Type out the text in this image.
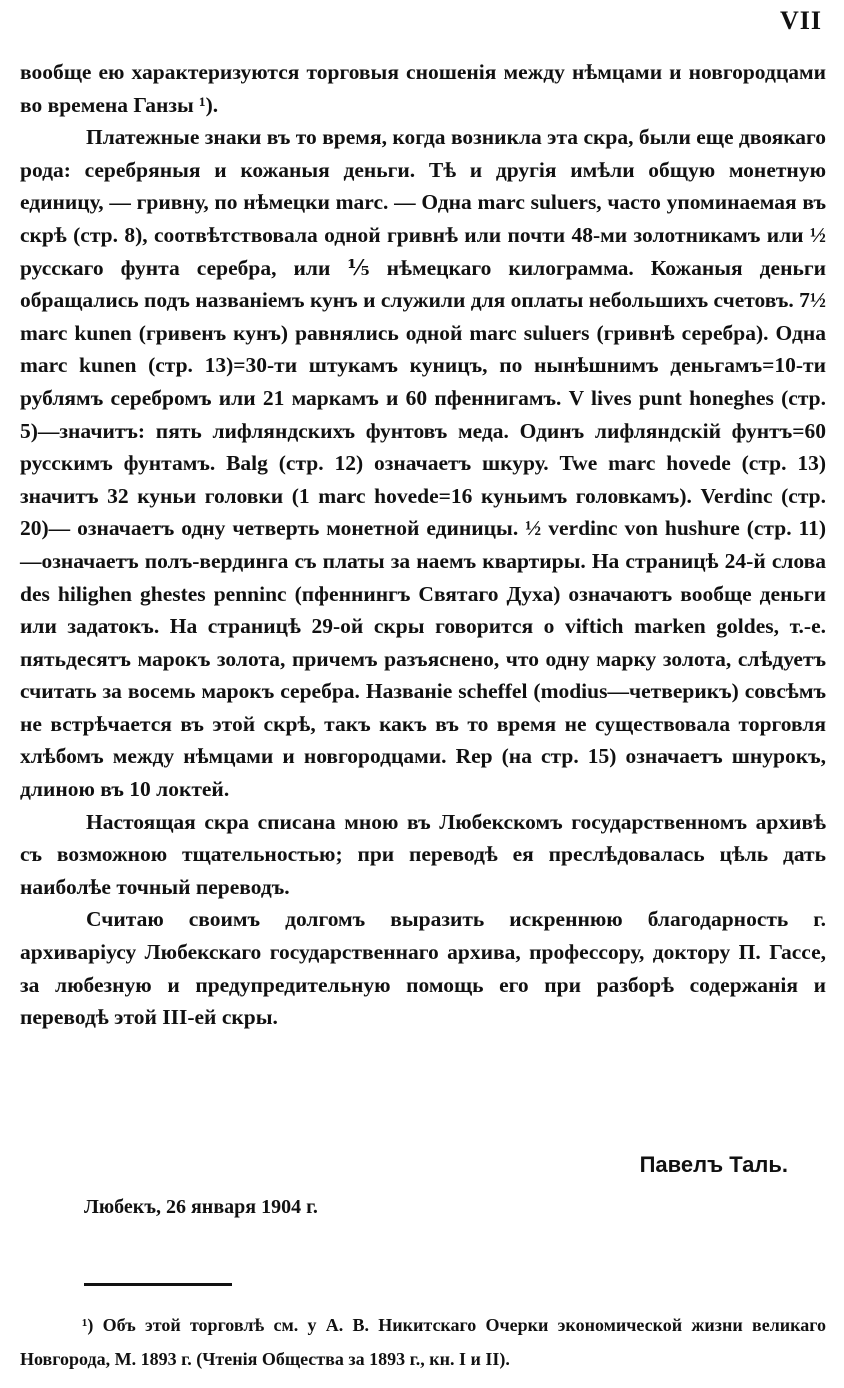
VII

вообще ею характеризуются торговыя сношенія между нѣмцами и новгородцами во времена Ганзы ¹).

Платежные знаки въ то время, когда возникла эта скра, были еще двоякаго рода: серебряныя и кожаныя деньги. Тѣ и другія имѣли общую монетную единицу, — гривну, по нѣмецки marc. — Одна marc suluers, часто упоминаемая въ скрѣ (стр. 8), соотвѣтствовала одной гривнѣ или почти 48-ми золотникамъ или ½ русскаго фунта серебра, или ⅕ нѣмецкаго килограмма. Кожаныя деньги обращались подъ названіемъ кунъ и служили для оплаты небольшихъ счетовъ. 7½ marc kunen (гривенъ кунъ) равнялись одной marc suluers (гривнѣ серебра). Одна marc kunen (стр. 13)=30-ти штукамъ куницъ, по нынѣшнимъ деньгамъ=10-ти рублямъ серебромъ или 21 маркамъ и 60 пфеннигамъ. V lives punt honeghes (стр. 5)—значитъ: пять лифляндскихъ фунтовъ меда. Одинъ лифляндскій фунтъ=60 русскимъ фунтамъ. Balg (стр. 12) означаетъ шкуру. Twe marc hovede (стр. 13) значитъ 32 куньи головки (1 marc hovede=16 куньимъ головкамъ). Verdinc (стр. 20)— означаетъ одну четверть монетной единицы. ½ verdinc von hushure (стр. 11)—означаетъ полъ-вердинга съ платы за наемъ квартиры. На страницѣ 24-й слова des hilighen ghestes penninc (пфеннингъ Святаго Духа) означаютъ вообще деньги или задатокъ. На страницѣ 29-ой скры говорится о viftich marken goldes, т.-е. пятьдесятъ марокъ золота, причемъ разъяснено, что одну марку золота, слѣдуетъ считать за восемь марокъ серебра. Названіе scheffel (modius—четверикъ) совсѣмъ не встрѣчается въ этой скрѣ, такъ какъ въ то время не существовала торговля хлѣбомъ между нѣмцами и новгородцами. Rep (на стр. 15) означаетъ шнурокъ, длиною въ 10 локтей.

Настоящая скра списана мною въ Любекскомъ государственномъ архивѣ съ возможною тщательностью; при переводѣ ея преслѣдовалась цѣль дать наиболѣе точный переводъ.

Считаю своимъ долгомъ выразить искреннюю благодарность г. архиваріусу Любекскаго государственнаго архива, профессору, доктору П. Гассе, за любезную и предупредительную помощь его при разборѣ содержанія и переводѣ этой III-ей скры.

Павелъ Таль.
Любекъ, 26 января 1904 г.

¹) Объ этой торговлѣ см. у А. В. Никитскаго Очерки экономической жизни великаго Новгорода, М. 1893 г. (Чтенія Общества за 1893 г., кн. I и II).
